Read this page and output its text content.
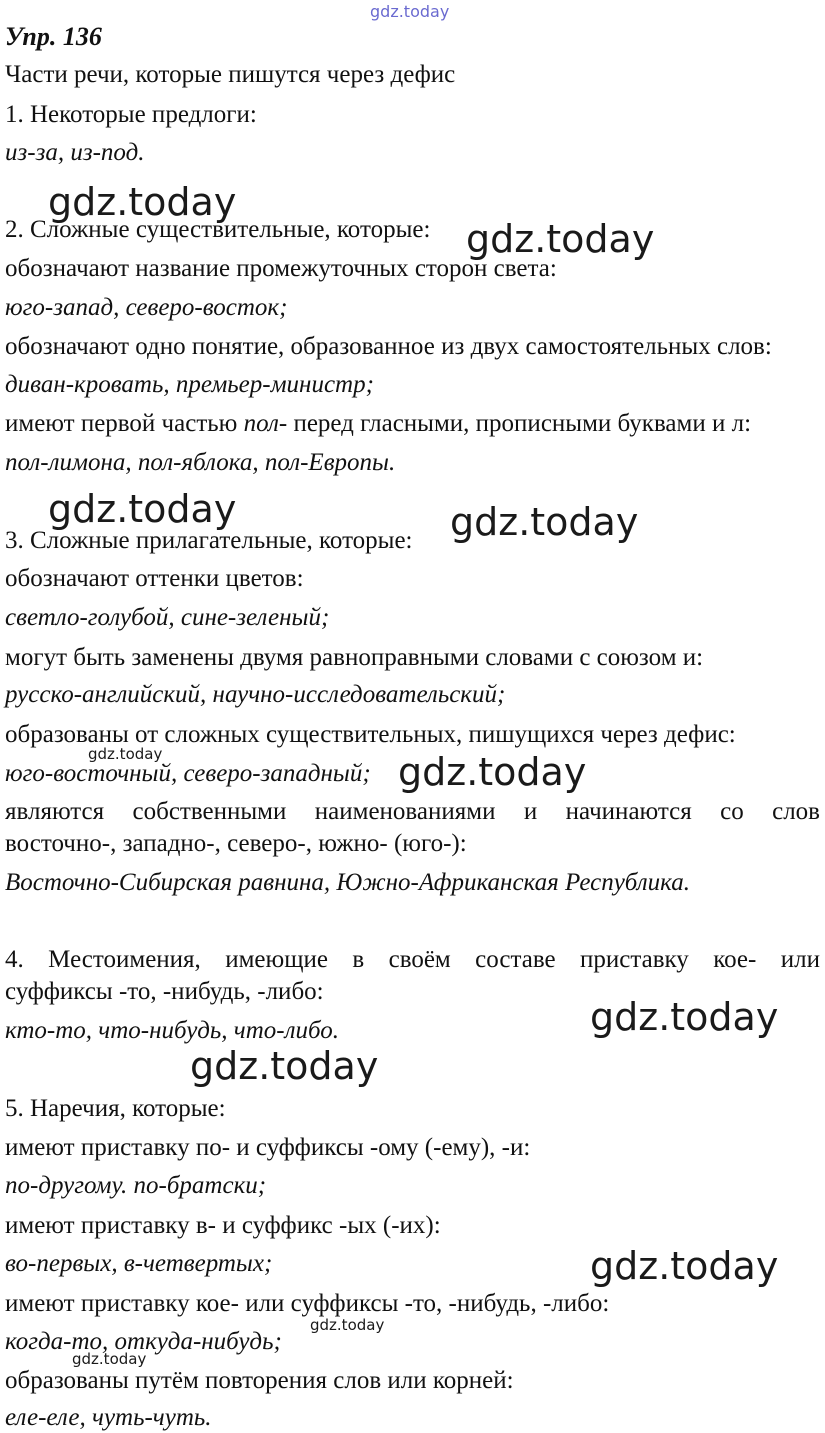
gdz.today
gdz.today
gdz.today
gdz.today	gdz.today
gdz.today	gdz.today
gdz.today
gdz.today
gdz.today
gdz.today
gdz.today

Упр. 136

Части речи, которые пишутся через дефис

1. Некоторые предлоги:

из-за, из-под.

2. Сложные существительные, которые:

обозначают название промежуточных сторон света:

юго-запад, северо-восток;

обозначают одно понятие, образованное из двух самостоятельных слов:

диван-кровать, премьер-министр;

имеют первой частью пол- перед гласными, прописными буквами и л:

пол-лимона, пол-яблока, пол-Европы.

3. Сложные прилагательные, которые:

обозначают оттенки цветов:

светло-голубой, сине-зеленый;

могут быть заменены двумя равноправными словами с союзом и:

русско-английский, научно-исследовательский;

образованы от сложных существительных, пишущихся через дефис:

юго-восточный, северо-западный;

являются собственными наименованиями и начинаются со слов

восточно-, западно-, северо-, южно- (юго-):

Восточно-Сибирская равнина, Южно-Африканская Республика.

4. Местоимения, имеющие в своём составе приставку кое- или

суффиксы -то, -нибудь, -либо:

кто-то, что-нибудь, что-либо.

5. Наречия, которые:

имеют приставку по- и суффиксы -ому (-ему), -и:

по-другому. по-братски;

имеют приставку в- и суффикс -ых (-их):

во-первых, в-четвертых;

имеют приставку кое- или суффиксы -то, -нибудь, -либо:

когда-то, откуда-нибудь;

образованы путём повторения слов или корней:

еле-еле, чуть-чуть.
